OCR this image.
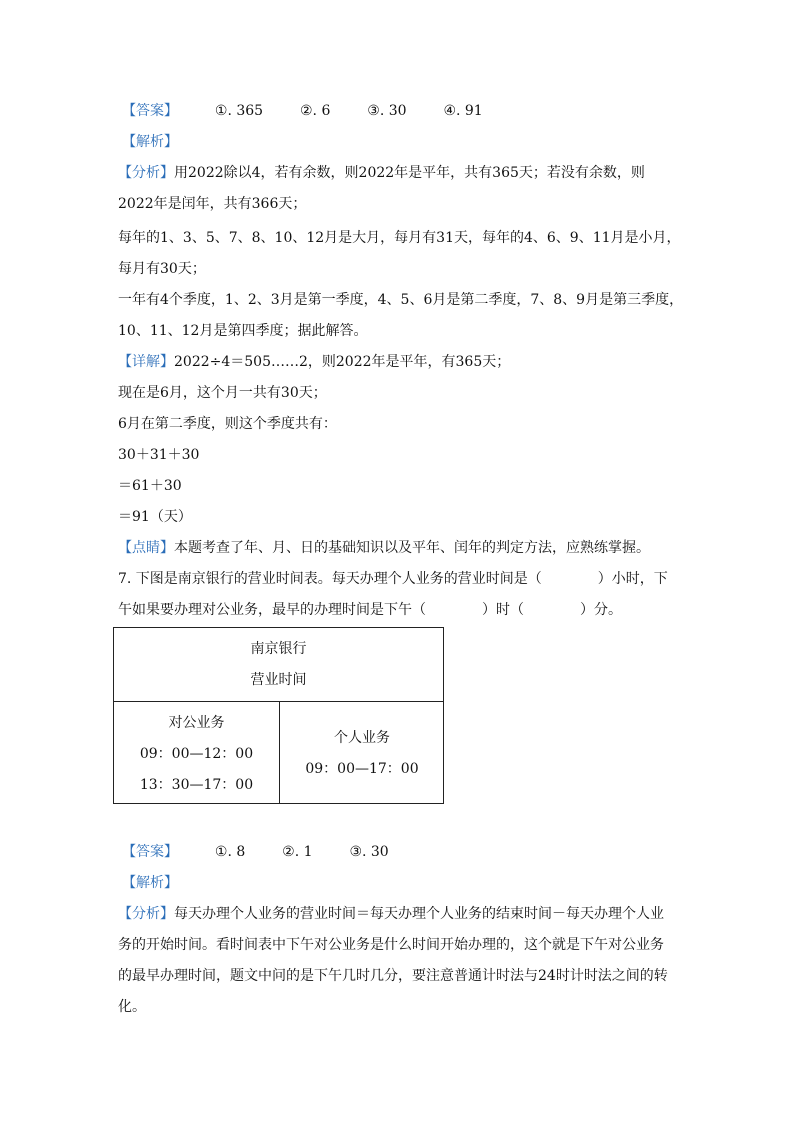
【答案】	①. 365	②. 6	③. 30	④. 91
【解析】
【分析】用2022除以4，若有余数，则2022年是平年，共有365天；若没有余数，则
2022年是闰年，共有366天；
每年的1、3、5、7、8、10、12月是大月，每月有31天，每年的4、6、9、11月是小月，
每月有30天；
一年有4个季度，1、2、3月是第一季度，4、5、6月是第二季度，7、8、9月是第三季度，
10、11、12月是第四季度；据此解答。
【详解】2022÷4＝505……2，则2022年是平年，有365天；
现在是6月，这个月一共有30天；
6月在第二季度，则这个季度共有：
30＋31＋30
＝61＋30
＝91（天）
【点睛】本题考查了年、月、日的基础知识以及平年、闰年的判定方法，应熟练掌握。
7. 下图是南京银行的营业时间表。每天办理个人业务的营业时间是（　　　　）小时，下
午如果要办理对公业务，最早的办理时间是下午（　　　　）时（　　　　）分。
南京银行
营业时间
对公业务
09：00—12：00
13：30—17：00
个人业务
09：00—17：00
【答案】	①. 8	②. 1	③. 30
【解析】
【分析】每天办理个人业务的营业时间＝每天办理个人业务的结束时间－每天办理个人业
务的开始时间。看时间表中下午对公业务是什么时间开始办理的，这个就是下午对公业务
的最早办理时间，题文中问的是下午几时几分，要注意普通计时法与24时计时法之间的转
化。
